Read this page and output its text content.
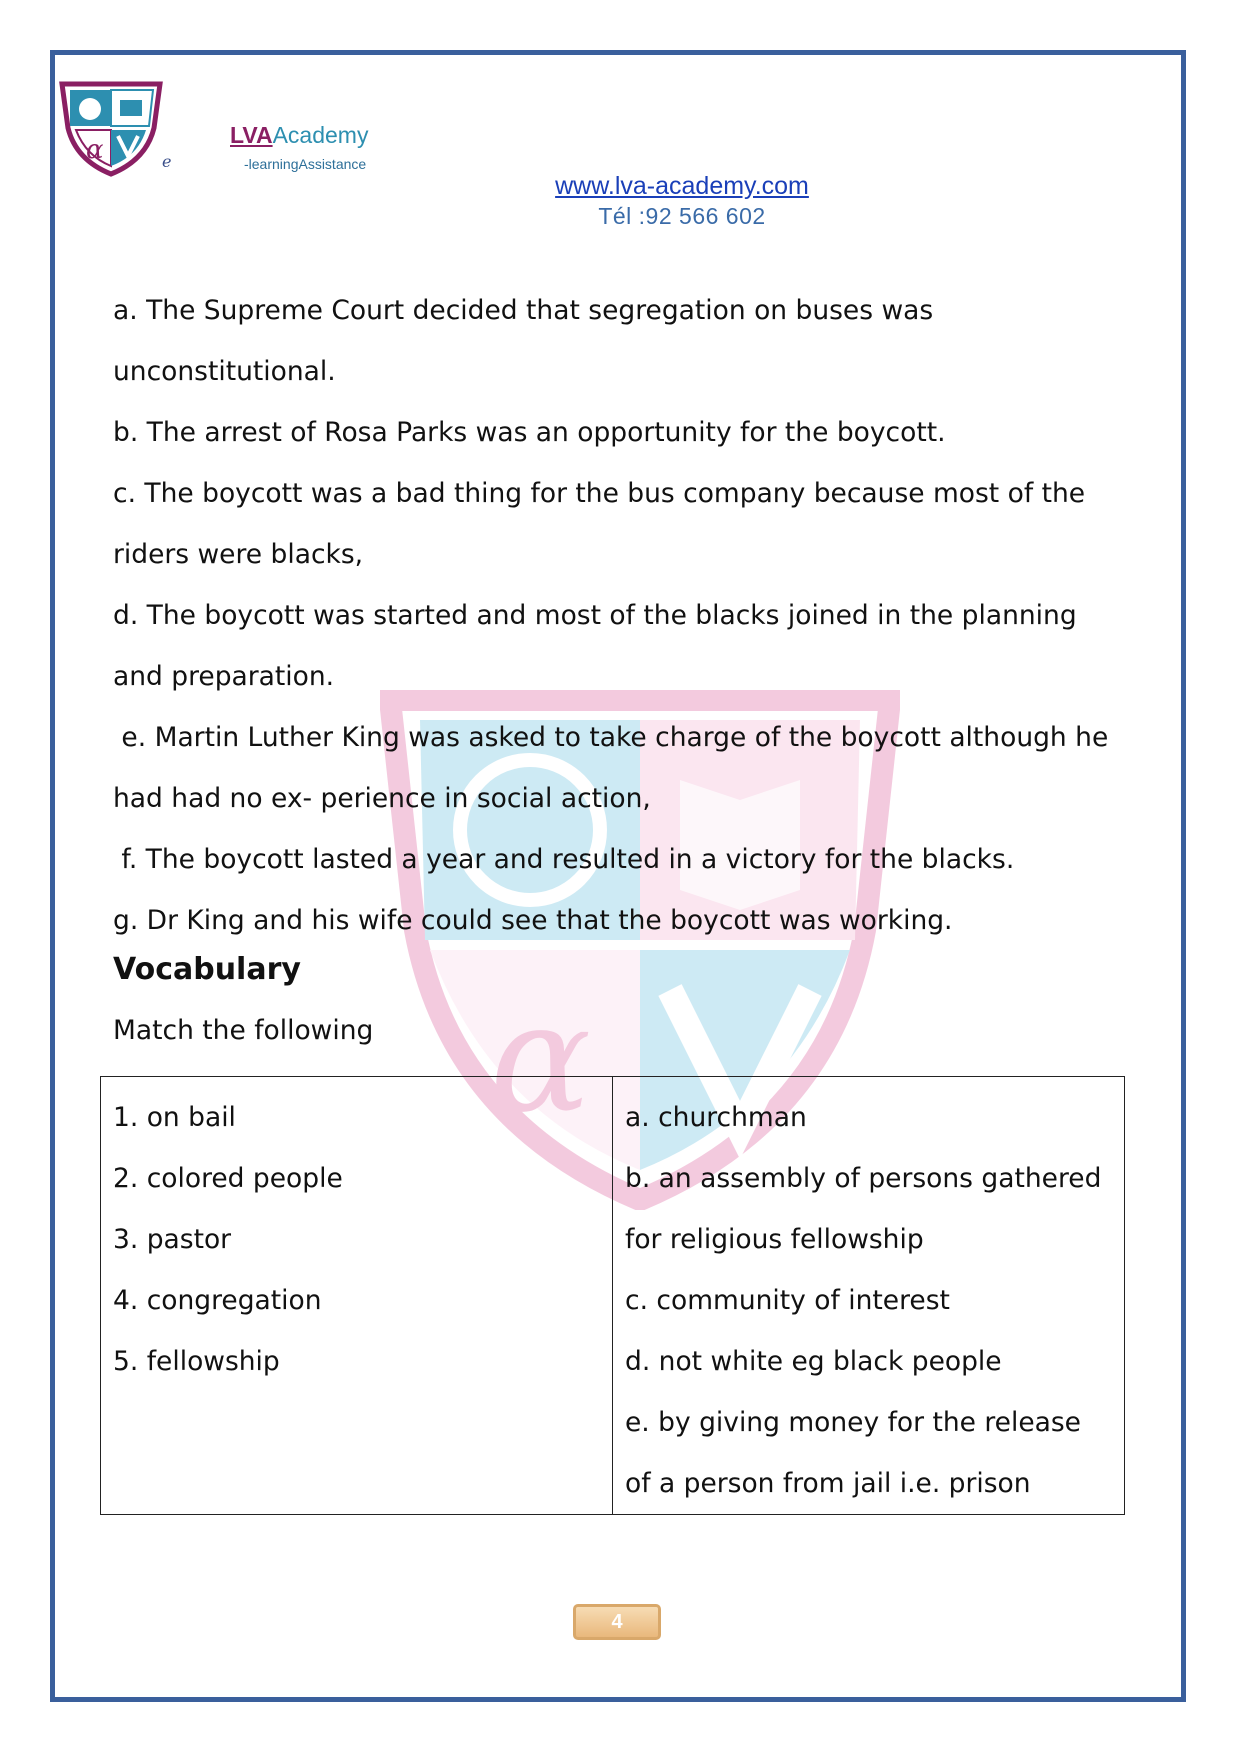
α	e
LVAAcademy
-learningAssistance
www.lva-academy.com
Tél :92 566 602
α

a. The Supreme Court decided that segregation on buses was

unconstitutional.

b. The arrest of Rosa Parks was an opportunity for the boycott.

c. The boycott was a bad thing for the bus company because most of the

riders were blacks,

d. The boycott was started and most of the blacks joined in the planning

and preparation.

e. Martin Luther King was asked to take charge of the boycott although he

had had no ex- perience in social action,

f. The boycott lasted a year and resulted in a victory for the blacks.

g. Dr King and his wife could see that the boycott was working.

Vocabulary
Match the following

1. on bail

2. colored people

3. pastor

4. congregation

5. fellowship

a. churchman

b. an assembly of persons gathered

for religious fellowship

c. community of interest

d. not white eg black people

e. by giving money for the release

of a person from jail i.e. prison

4
